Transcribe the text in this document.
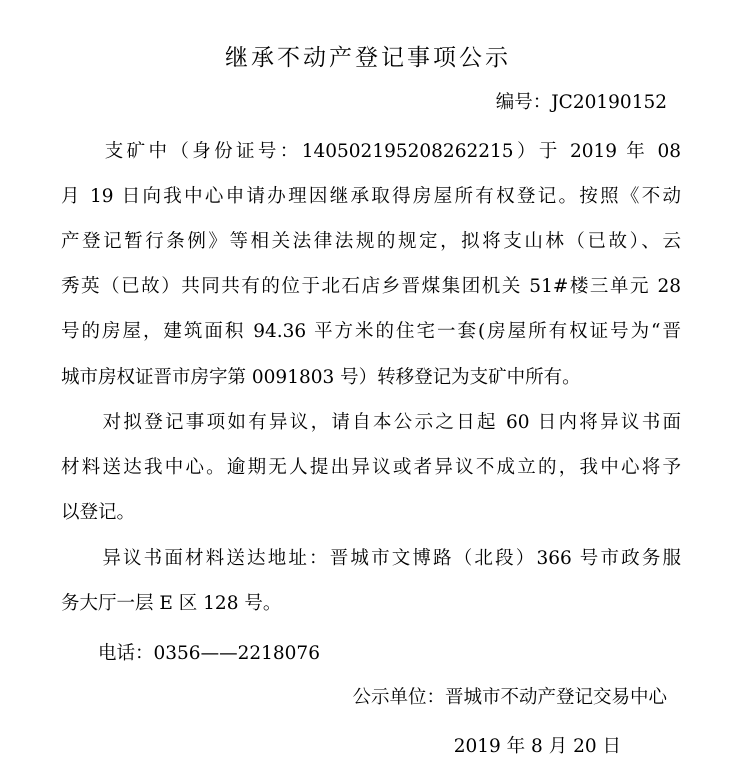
继承不动产登记事项公示
编号：JC20190152
　　支矿中（身份证号：140502195208262215）于 2019 年 08
月 19 日向我中心申请办理因继承取得房屋所有权登记。按照《不动
产登记暂行条例》等相关法律法规的规定，拟将支山林（已故）、云
秀英（已故）共同共有的位于北石店乡晋煤集团机关 51#楼三单元 28
号的房屋，建筑面积 94.36 平方米的住宅一套(房屋所有权证号为“晋
城市房权证晋市房字第 0091803 号）转移登记为支矿中所有。
　　对拟登记事项如有异议，请自本公示之日起 60 日内将异议书面
材料送达我中心。逾期无人提出异议或者异议不成立的，我中心将予
以登记。
　　异议书面材料送达地址：晋城市文博路（北段）366 号市政务服
务大厅一层 E 区 128 号。
　　电话：0356——2218076
公示单位：晋城市不动产登记交易中心
2019 年 8 月 20 日
